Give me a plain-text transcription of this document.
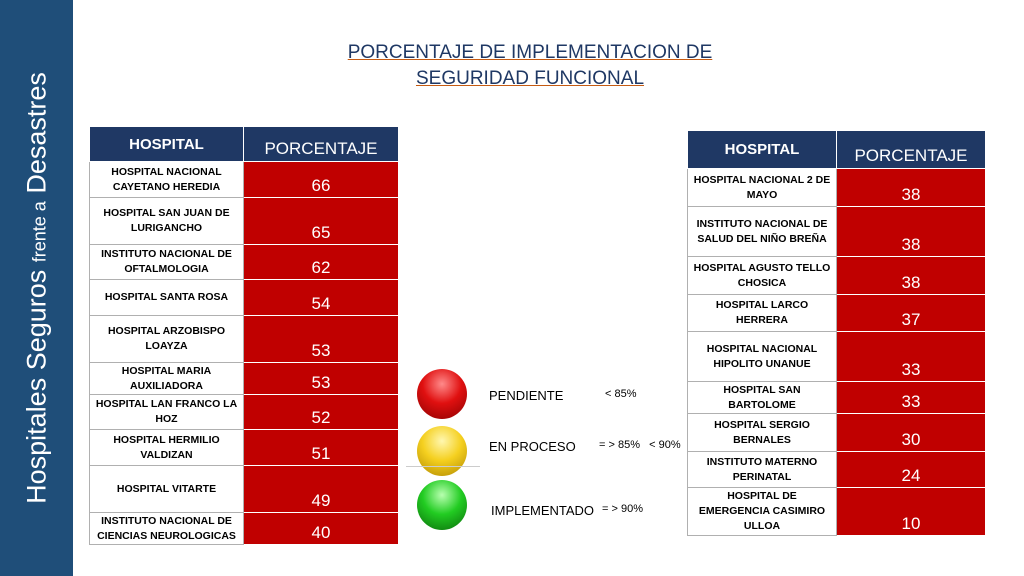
Hospitales Seguros frente a Desastres
PORCENTAJE DE IMPLEMENTACION DE
SEGURIDAD FUNCIONAL
HOSPITAL	PORCENTAJE
HOSPITAL NACIONAL CAYETANO HEREDIA	66
HOSPITAL SAN JUAN DE LURIGANCHO	65
INSTITUTO NACIONAL DE OFTALMOLOGIA	62
HOSPITAL SANTA ROSA	54
HOSPITAL ARZOBISPO LOAYZA	53
HOSPITAL MARIA AUXILIADORA	53
HOSPITAL LAN FRANCO LA HOZ	52
HOSPITAL HERMILIO VALDIZAN	51
HOSPITAL VITARTE	49
INSTITUTO NACIONAL DE CIENCIAS NEUROLOGICAS	40
HOSPITAL	PORCENTAJE
HOSPITAL NACIONAL 2 DE MAYO	38
INSTITUTO NACIONAL DE SALUD DEL NIÑO BREÑA	38
HOSPITAL AGUSTO TELLO CHOSICA	38
HOSPITAL LARCO HERRERA	37
HOSPITAL NACIONAL HIPOLITO UNANUE	33
HOSPITAL SAN BARTOLOME	33
HOSPITAL SERGIO BERNALES	30
INSTITUTO MATERNO PERINATAL	24
HOSPITAL DE EMERGENCIA CASIMIRO ULLOA	10
PENDIENTE	< 85%
EN PROCESO = > 85%   < 90%
IMPLEMENTADO = > 90%
